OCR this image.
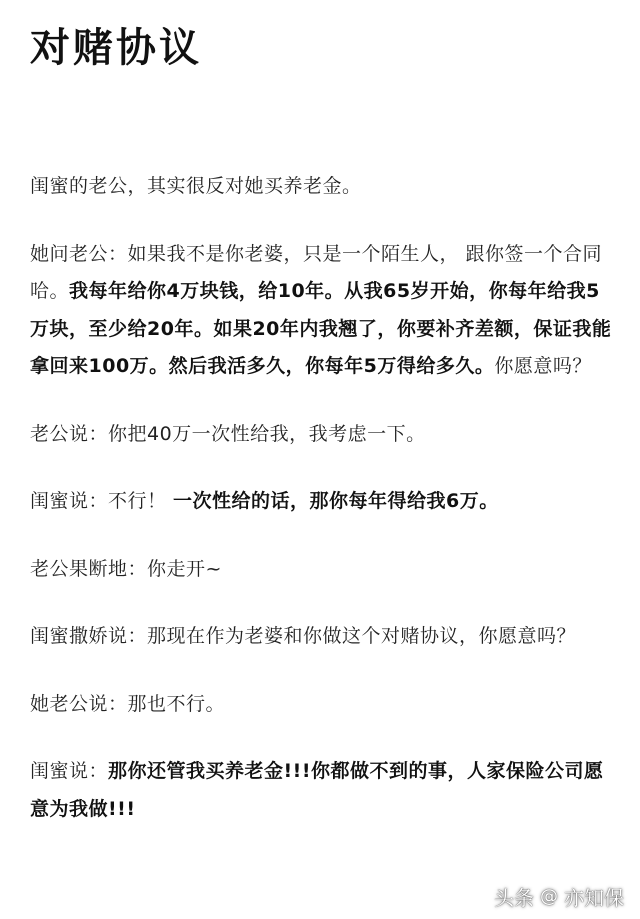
对赌协议

闺蜜的老公，其实很反对她买养老金。

她问老公：如果我不是你老婆，只是一个陌生人， 跟你签一个合同哈。我每年给你4万块钱，给10年。从我65岁开始，你每年给我5万块，至少给20年。如果20年内我翘了，你要补齐差额，保证我能拿回来100万。然后我活多久，你每年5万得给多久。你愿意吗？

老公说：你把40万一次性给我，我考虑一下。

闺蜜说：不行！ 一次性给的话，那你每年得给我6万。

老公果断地：你走开~

闺蜜撒娇说：那现在作为老婆和你做这个对赌协议，你愿意吗？

她老公说：那也不行。

闺蜜说：那你还管我买养老金!!!你都做不到的事，人家保险公司愿意为我做!!!

头条 @ 亦知保
